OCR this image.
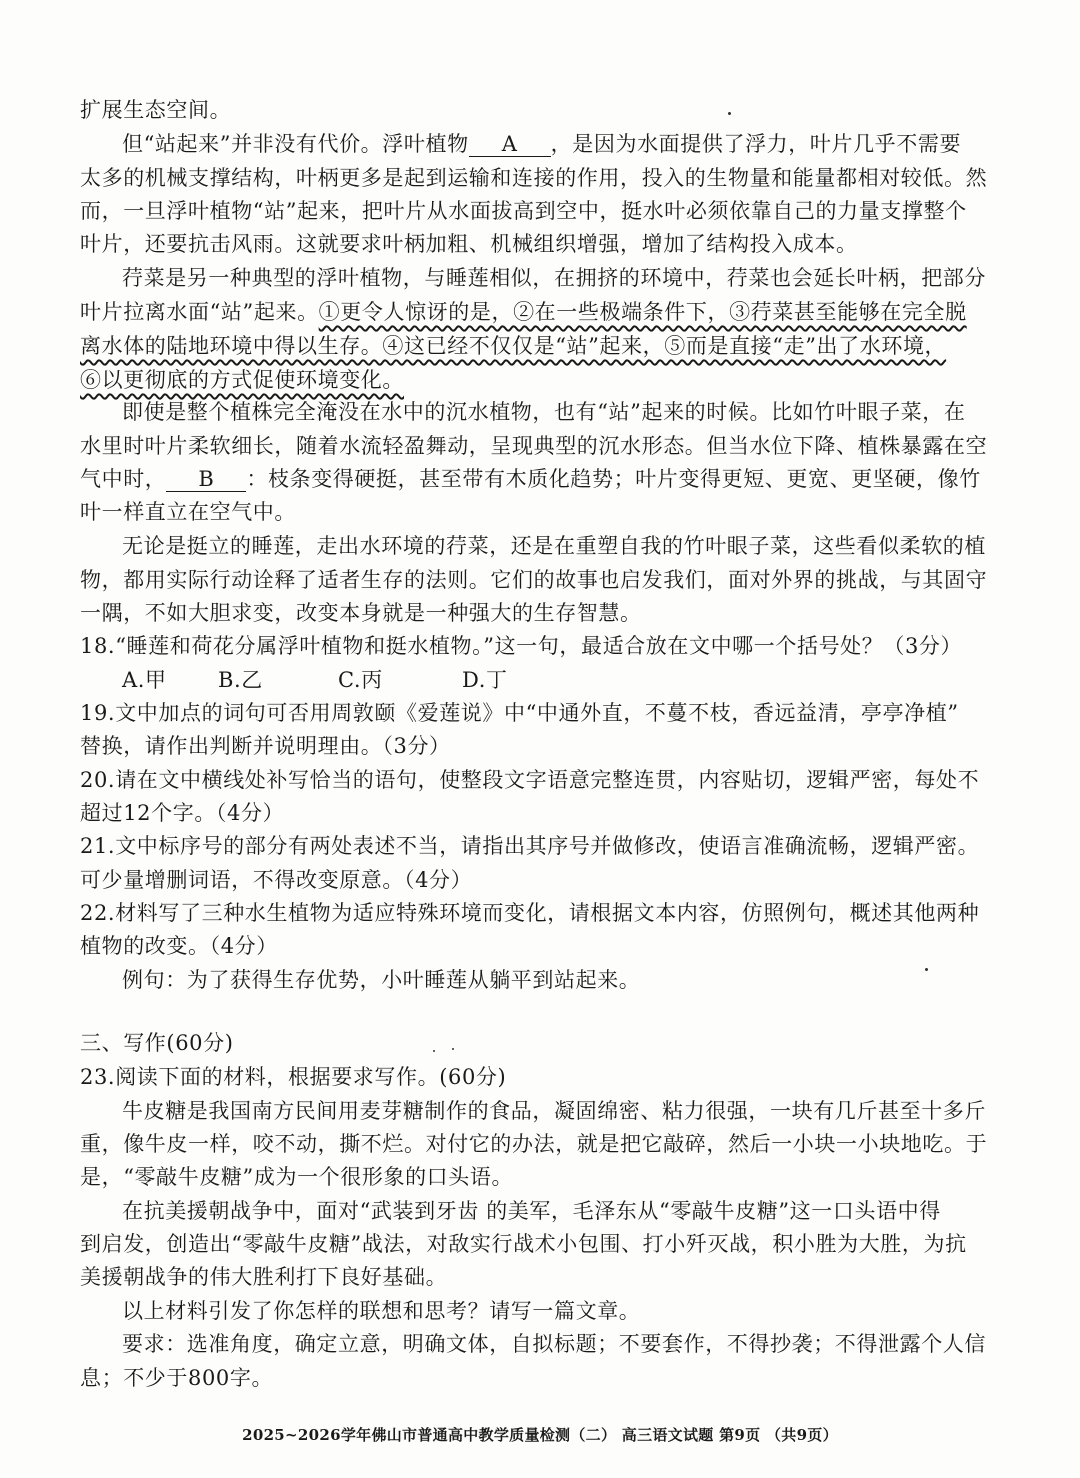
扩展生态空间。
但“站起来”并非没有代价。浮叶植物 A ，是因为水面提供了浮力，叶片几乎不需要
太多的机械支撑结构，叶柄更多是起到运输和连接的作用，投入的生物量和能量都相对较低。然
而，一旦浮叶植物“站”起来，把叶片从水面拔高到空中，挺水叶必须依靠自己的力量支撑整个
叶片，还要抗击风雨。这就要求叶柄加粗、机械组织增强，增加了结构投入成本。
荇菜是另一种典型的浮叶植物，与睡莲相似，在拥挤的环境中，荇菜也会延长叶柄，把部分
叶片拉离水面“站”起来。①更令人惊讶的是，②在一些极端条件下，③荇菜甚至能够在完全脱
离水体的陆地环境中得以生存。④这已经不仅仅是“站”起来，⑤而是直接“走”出了水环境，
⑥以更彻底的方式促使环境变化。
即使是整个植株完全淹没在水中的沉水植物，也有“站”起来的时候。比如竹叶眼子菜，在
水里时叶片柔软细长，随着水流轻盈舞动，呈现典型的沉水形态。但当水位下降、植株暴露在空
气中时， B ：枝条变得硬挺，甚至带有木质化趋势；叶片变得更短、更宽、更坚硬，像竹
叶一样直立在空气中。
无论是挺立的睡莲，走出水环境的荇菜，还是在重塑自我的竹叶眼子菜，这些看似柔软的植
物，都用实际行动诠释了适者生存的法则。它们的故事也启发我们，面对外界的挑战，与其固守
一隅，不如大胆求变，改变本身就是一种强大的生存智慧。
18.“睡莲和荷花分属浮叶植物和挺水植物。”这一句，最适合放在文中哪一个括号处？（3分）
A.甲 B.乙	C.丙	D.丁
19.文中加点的词句可否用周敦颐《爱莲说》中“中通外直，不蔓不枝，香远益清，亭亭净植”
替换，请作出判断并说明理由。（3分）
20.请在文中横线处补写恰当的语句，使整段文字语意完整连贯，内容贴切，逻辑严密，每处不
超过12个字。（4分）
21.文中标序号的部分有两处表述不当，请指出其序号并做修改，使语言准确流畅，逻辑严密。
可少量增删词语，不得改变原意。（4分）
22.材料写了三种水生植物为适应特殊环境而变化，请根据文本内容，仿照例句，概述其他两种
植物的改变。（4分）
例句：为了获得生存优势，小叶睡莲从躺平到站起来。
三、写作(60分)
23.阅读下面的材料，根据要求写作。(60分)
牛皮糖是我国南方民间用麦芽糖制作的食品，凝固绵密、粘力很强，一块有几斤甚至十多斤
重，像牛皮一样，咬不动，撕不烂。对付它的办法，就是把它敲碎，然后一小块一小块地吃。于
是，“零敲牛皮糖”成为一个很形象的口头语。
在抗美援朝战争中，面对“武装到牙齿 的美军，毛泽东从“零敲牛皮糖”这一口头语中得
到启发，创造出“零敲牛皮糖”战法，对敌实行战术小包围、打小歼灭战，积小胜为大胜，为抗
美援朝战争的伟大胜利打下良好基础。
以上材料引发了你怎样的联想和思考？请写一篇文章。
要求：选准角度，确定立意，明确文体，自拟标题；不要套作，不得抄袭；不得泄露个人信
息；不少于800字。
2025~2026学年佛山市普通高中教学质量检测（二） 高三语文试题 第9页 （共9页）
